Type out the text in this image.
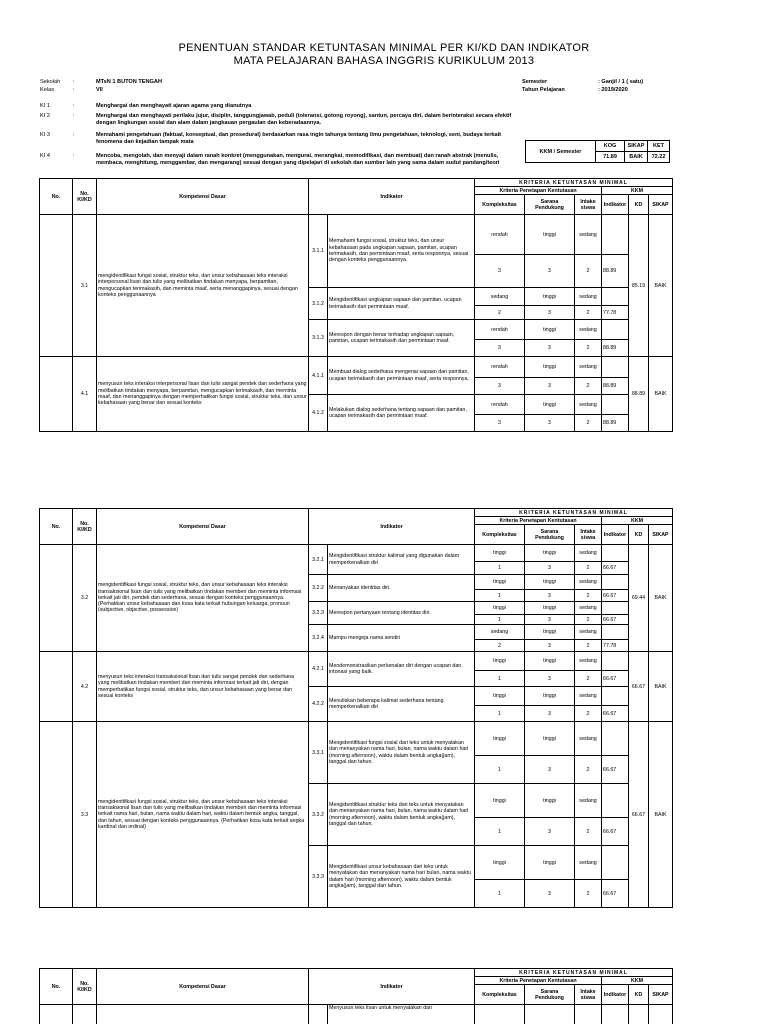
PENENTUAN STANDAR KETUNTASAN MINIMAL PER KI/KD DAN INDIKATOR
MATA PELAJARAN BAHASA INGGRIS KURIKULUM 2013
Sekolah :	MTsN 1 BUTON TENGAH
Kelas	:	VII
Semester	: Ganjil / 1 ( satu)
Tahun Pelajaran	: 2019/2020
KI 1	:	Menghargai dan menghayati ajaran agama yang dianutnya
KI 2	:	Menghargai dan menghayati perilaku jujur, disiplin, tanggungjawab, peduli (toleransi, gotong royong), santun, percaya diri, dalam berinteraksi secara efektif dengan lingkungan sosial dan alam dalam jangkauan pergaulan dan keberadaannya.
KI 3	:	Memahami pengetahuan (faktual, konseptual, dan prosedural) berdasarkan rasa ingin tahunya tentang ilmu pengetahuan, teknologi, seni, budaya terkait fenomena dan kejadian tampak mata
KI 4	:	Mencoba, mengolah, dan menyaji dalam ranah konkret (menggunakan, mengurai, merangkai, memodifikasi, dan membuat) dan ranah abstrak (menulis, membaca, menghitung, menggambar, dan mengarang) sesuai dengan yang dipelajari di sekolah dan sumber lain yang sama dalam sudut pandang/teori
KKM / Semester	KOG	SIKAP	KET
	71.89	BAIK	72.22
No.	No. KI/KD	Kompetensi Dasar	Indikator		KRITERIA KETUNTASAN MINIMAL					
					Kriteria Penetapan Kentutasan			KKM		
					Kompleksitas	Sarana Pendukung	Intake siswa	Indikator	KD	SIKAP
	3.1	mengidentifikasi fungsi sosial, struktur teks, dan unsur kebahasaan teks interaksi interpersonal lisan dan tulis yang melibatkan tindakan menyapa, berpamitan, mengucapkan terimakasih, dan meminta maaf, serta menanggapinya, sesuai dengan konteks penggunaannya	3.1.1	Memahami fungsi sosial, struktur teks, dan unsur kebahasaan pada ungkapan sapaan, pamitan, ucapan terimakasih, dan permintaan maaf, serta responnya, sesuai dengan konteks penggunaannya.	rendah	tinggi	sedang		85.19	BAIK
					3	3	2	88.89		
			3.1.2	Mengidentifikasi ungkapan sapaan dan pamitan, ucapan terimakasih dan permintaan maaf.	sedang	tinggi	sedang			
					2	3	2	77.78		
			3.1.3	Merespon dengan benar terhadap ungkapan sapaan, pamitan, ucapan terimakasih dan permintaan maaf.	rendah	tinggi	sedang			
					3	3	2	88.89		
	4.1	menyusun teks interaksi interpersonal lisan dan tulis sangat pendek dan sederhana yang melibatkan tindakan menyapa, berpamitan, mengucapkan terimakasih, dan meminta maaf, dan menanggapinya dengan memperhatikan fungsi sosial, struktur teks, dan unsur kebahasaan yang benar dan sesuai konteks	4.1.1	Membuat dialog sederhana mengenai sapaan dan pamitan, ucapan terimakasih dan permintaan maaf, serta responnya.	rendah	tinggi	sedang		88.89	BAIK
					3	3	2	88.89		
			4.1.2	Melakukan dialog sederhana tentang sapaan dan pamitan, ucapan terimakasih dan permintaan maaf.	rendah	tinggi	sedang			
					3	3	2	88.89		
No.	No. KI/KD	Kompetensi Dasar	Indikator		KRITERIA KETUNTASAN MINIMAL					
					Kriteria Penetapan Kentutasan			KKM		
					Kompleksitas	Sarana Pendukung	Intake siswa	Indikator	KD	SIKAP
	3.2	mengidentifikasi fungsi sosial, struktur teks, dan unsur kebahasaan teks interaksi transaksional lisan dan tulis yang melibatkan tindakan memberi dan meminta informasi terkait jati diri, pendek dan sederhana, sesuai dengan konteks penggunaannya. (Perhatikan unsur kebahasaan dan kosa kata terkait hubungan keluarga; pronoun (subjective, objective, possessive)	3.2.1	Mengidentifikasi struktur kalimat yang digunakan dalam memperkenalkan diri	tinggi	tinggi	sedang		69.44	BAIK
					1	3	2	66.67		
			3.2.2	Menanyakan identitas diri.	tinggi	tinggi	sedang			
					1	3	2	66.67		
			3.2.3	Merespon pertanyaan tentang identitas diri.	tinggi	tinggi	sedang			
					1	3	2	66.67		
			3.2.4	Mampu mengeja nama sendiri	sedang	tinggi	sedang			
					2	3	2	77.78		
	4.2	menyusun teks interaksi transaksional lisan dan tulis sangat pendek dan sederhana yang melibatkan tindakan memberi dan meminta informasi terkait jati diri, dengan memperhatikan fungsi sosial, struktur teks, dan unsur kebahasaan yang benar dan sesuai konteks	4.2.1	Mendemonstrasikan perkenalan diri dengan ucapan dan intonasi yang baik.	tinggi	tinggi	sedang		66.67	BAIK
					1	3	2	66.67		
			4.2.2	Menuliskan beberapa kalimat sederhana tentang memperkenalkan diri	tinggi	tinggi	sedang			
					1	3	2	66.67		
	3.3	mengidentifikasi fungsi sosial, struktur teks, dan unsur kebahasaan teks interaksi transaksional lisan dan tulis yang melibatkan tindakan memberi dan meminta informasi terkait nama hari, bulan, nama waktu dalam hari, waktu dalam bentuk angka, tanggal, dan tahun, sesuai dengan konteks penggunaannya. (Perhatikan kosa kata terkait angka kardinal dan ordinal)	3.3.1	Mengidentifikasi fungsi sosial dari teks untuk menyatakan dan menanyakan nama hari, bulan, nama waktu dalam hari (morning afternoon), waktu dalam bentuk angka(jam), tanggal dan tahun.	tinggi	tinggi	sedang		66.67	BAIK
					1	3	2	66.67		
			3.3.2	Mengidentifikasi struktur teks dari teks untuk menyatakan dan menanyakan nama hari, bulan, nama waktu dalam hari (morning afternoon), waktu dalam bentuk angka(jam), tanggal dan tahun.	tinggi	tinggi	sedang			
					1	3	2	66.67		
			3.3.3	Mengidentifikasi unsur kebahasaan dari teks untuk menyatakan dan menanyakan nama hari bulan, nama waktu dalam hari (morning afternoon), waktu dalam bentuk angka(jam), tanggal dan tahun.	tinggi	tinggi	sedang			
					1	3	2	66.67		
No.	No. KI/KD	Kompetensi Dasar	Indikator		KRITERIA KETUNTASAN MINIMAL					
					Kriteria Penetapan Kentutasan			KKM		
					Kompleksitas	Sarana Pendukung	Intake siswa	Indikator	KD	SIKAP
				Menyusun teks lisan untuk menyatakan dan						
